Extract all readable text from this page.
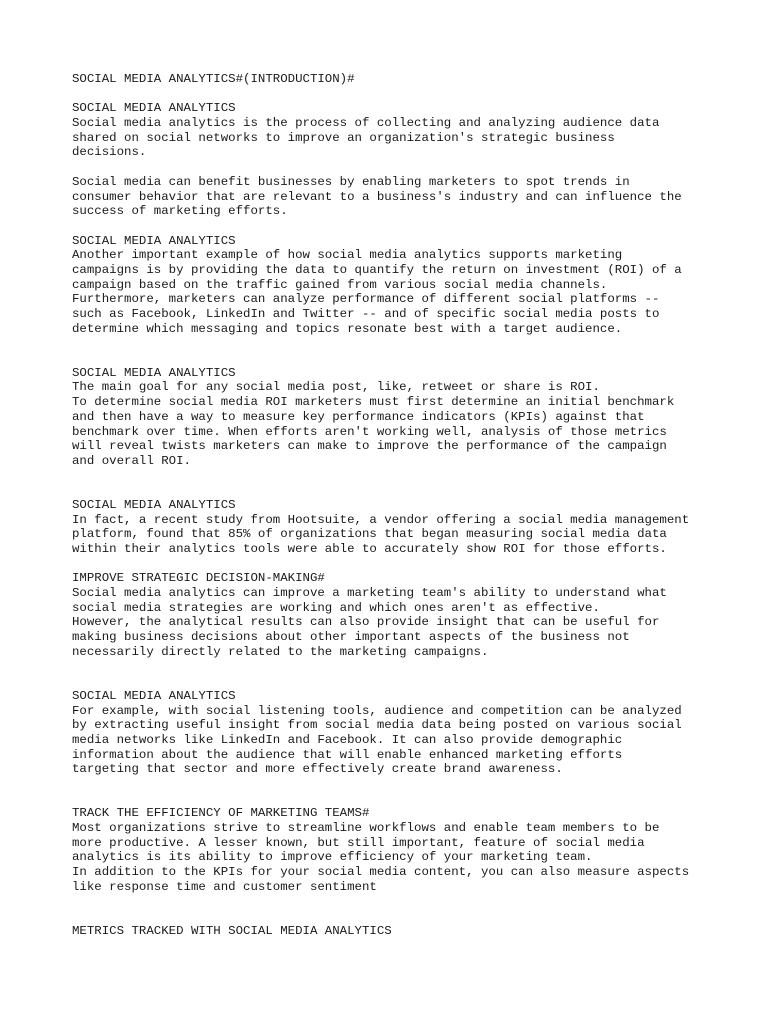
SOCIAL MEDIA ANALYTICS#(INTRODUCTION)#
SOCIAL MEDIA ANALYTICS
Social media analytics is the process of collecting and analyzing audience data
shared on social networks to improve an organization's strategic business
decisions.
Social media can benefit businesses by enabling marketers to spot trends in
consumer behavior that are relevant to a business's industry and can influence the
success of marketing efforts.
SOCIAL MEDIA ANALYTICS
Another important example of how social media analytics supports marketing
campaigns is by providing the data to quantify the return on investment (ROI) of a
campaign based on the traffic gained from various social media channels.
Furthermore, marketers can analyze performance of different social platforms --
such as Facebook, LinkedIn and Twitter -- and of specific social media posts to
determine which messaging and topics resonate best with a target audience.
SOCIAL MEDIA ANALYTICS
The main goal for any social media post, like, retweet or share is ROI.
To determine social media ROI marketers must first determine an initial benchmark
and then have a way to measure key performance indicators (KPIs) against that
benchmark over time. When efforts aren't working well, analysis of those metrics
will reveal twists marketers can make to improve the performance of the campaign
and overall ROI.
SOCIAL MEDIA ANALYTICS
In fact, a recent study from Hootsuite, a vendor offering a social media management
platform, found that 85% of organizations that began measuring social media data
within their analytics tools were able to accurately show ROI for those efforts.
IMPROVE STRATEGIC DECISION-MAKING#
Social media analytics can improve a marketing team's ability to understand what
social media strategies are working and which ones aren't as effective.
However, the analytical results can also provide insight that can be useful for
making business decisions about other important aspects of the business not
necessarily directly related to the marketing campaigns.
SOCIAL MEDIA ANALYTICS
For example, with social listening tools, audience and competition can be analyzed
by extracting useful insight from social media data being posted on various social
media networks like LinkedIn and Facebook. It can also provide demographic
information about the audience that will enable enhanced marketing efforts
targeting that sector and more effectively create brand awareness.
TRACK THE EFFICIENCY OF MARKETING TEAMS#
Most organizations strive to streamline workflows and enable team members to be
more productive. A lesser known, but still important, feature of social media
analytics is its ability to improve efficiency of your marketing team.
In addition to the KPIs for your social media content, you can also measure aspects
like response time and customer sentiment
METRICS TRACKED WITH SOCIAL MEDIA ANALYTICS
